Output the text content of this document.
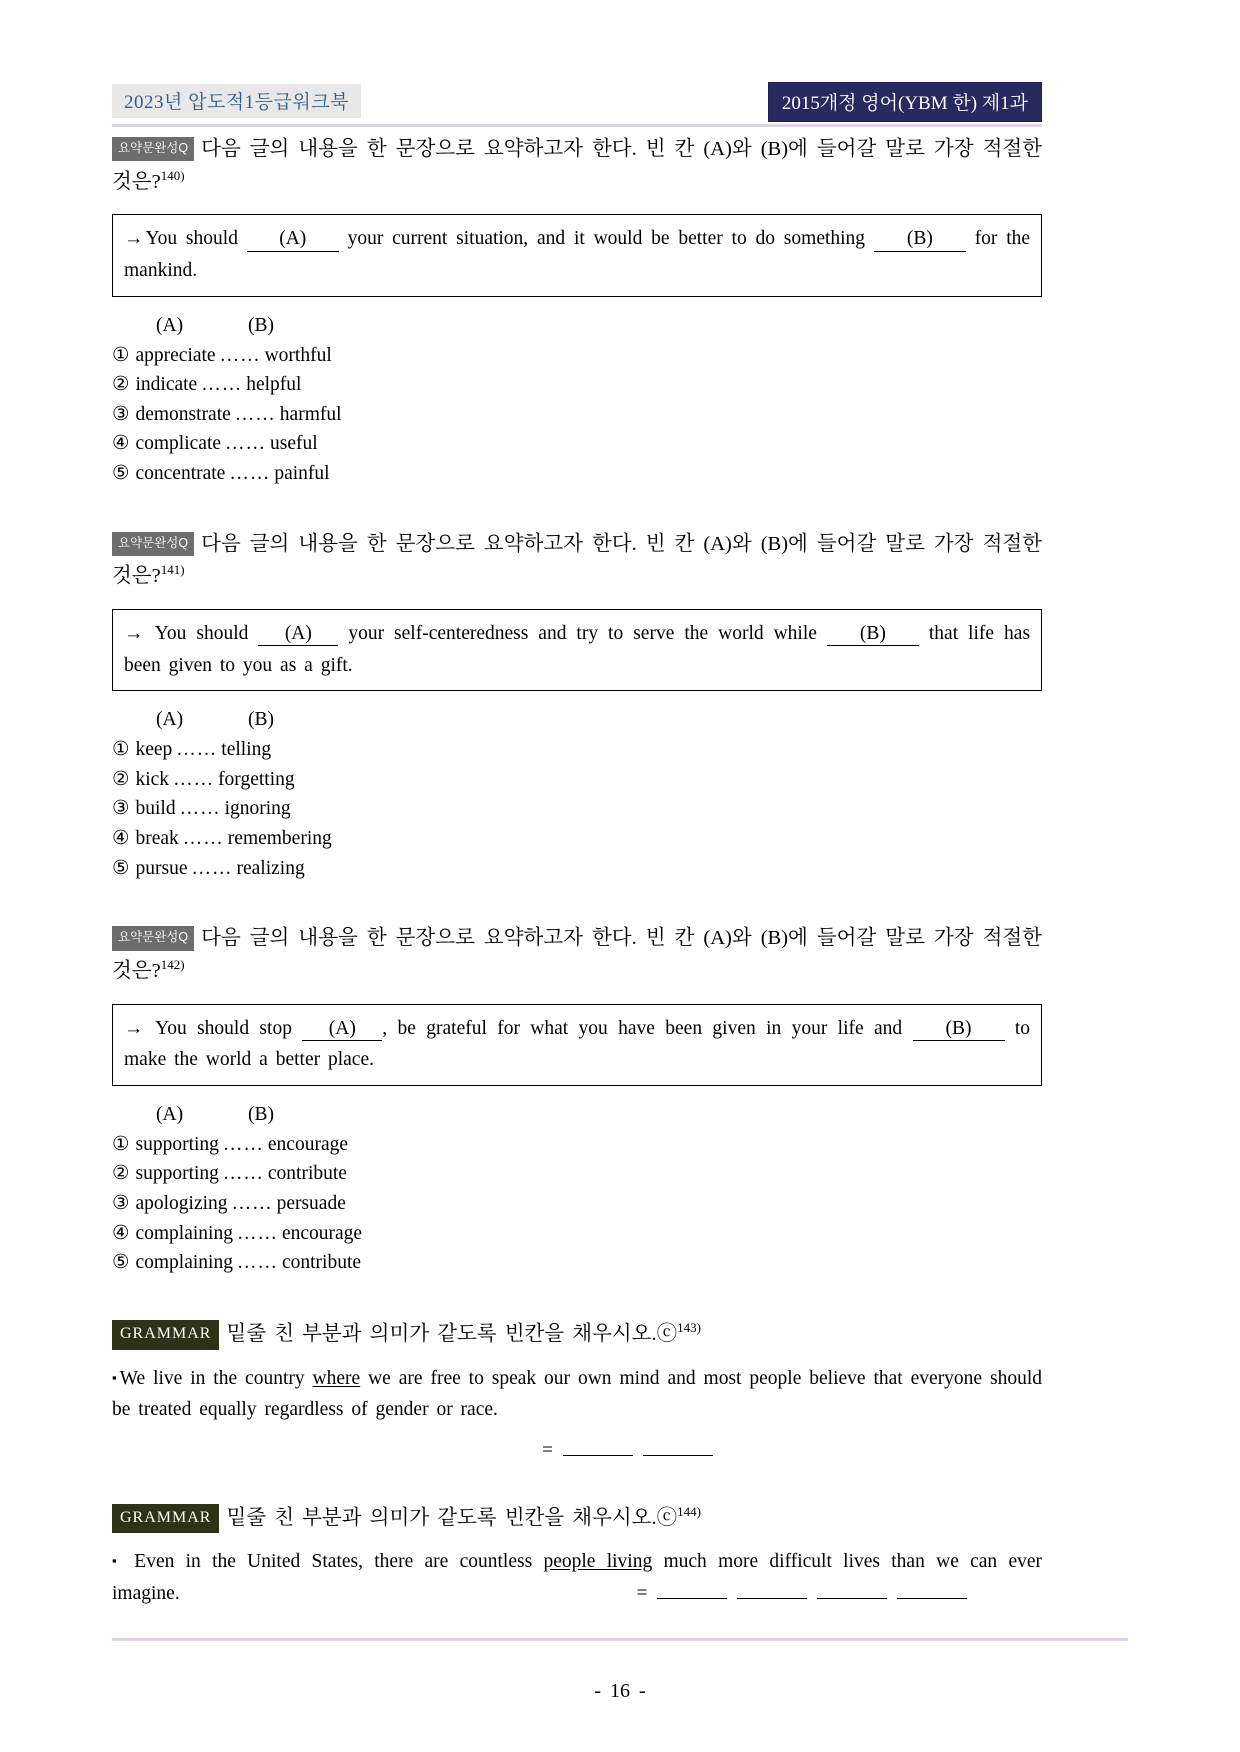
2023년 압도적1등급워크북	2015개정 영어(YBM 한) 제1과
요약문완성Q 다음 글의 내용을 한 문장으로 요약하고자 한다. 빈 칸 (A)와 (B)에 들어갈 말로 가장 적절한 것은?$^{140)}$
→ You should (A) your current situation, and it would be better to do something (B) for the mankind.
(A)	(B)
① appreciate …… worthful
② indicate …… helpful
③ demonstrate …… harmful
④ complicate …… useful
⑤ concentrate …… painful
요약문완성Q 다음 글의 내용을 한 문장으로 요약하고자 한다. 빈 칸 (A)와 (B)에 들어갈 말로 가장 적절한 것은?$^{141)}$
→ You should (A) your self-centeredness and try to serve the world while (B) that life has been given to you as a gift.
(A)	(B)
① keep …… telling
② kick …… forgetting
③ build …… ignoring
④ break …… remembering
⑤ pursue …… realizing
요약문완성Q 다음 글의 내용을 한 문장으로 요약하고자 한다. 빈 칸 (A)와 (B)에 들어갈 말로 가장 적절한 것은?$^{142)}$
→ You should stop (A) , be grateful for what you have been given in your life and (B) to make the world a better place.
(A)	(B)
① supporting …… encourage
② supporting …… contribute
③ apologizing …… persuade
④ complaining …… encourage
⑤ complaining …… contribute
GRAMMAR 밑줄 친 부분과 의미가 같도록 빈칸을 채우시오.ⓒ$^{143)}$
▪ We live in the country where we are free to speak our own mind and most people believe that everyone should be treated equally regardless of gender or race.
=
GRAMMAR 밑줄 친 부분과 의미가 같도록 빈칸을 채우시오.ⓒ$^{144)}$
▪ Even in the United States, there are countless people living much more difficult lives than we can ever imagine.	=
- 16 -
